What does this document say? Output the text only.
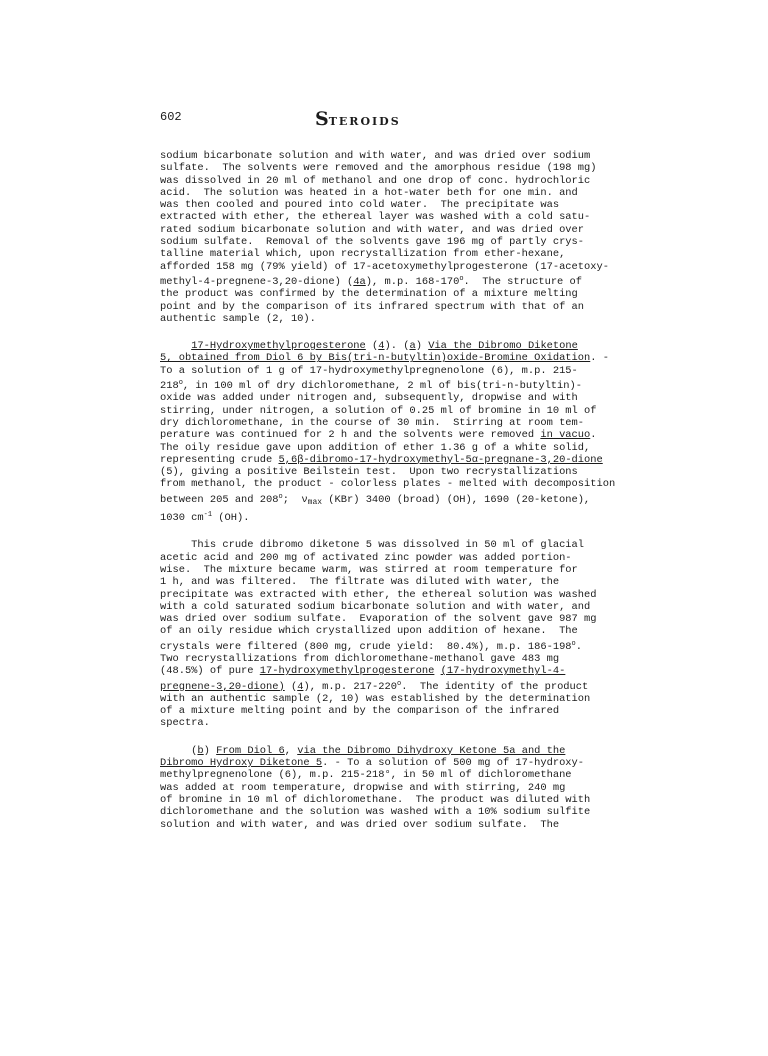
602	STEROIDS
sodium bicarbonate solution and with water, and was dried over sodium
sulfate.  The solvents were removed and the amorphous residue (198 mg)
was dissolved in 20 ml of methanol and one drop of conc. hydrochloric
acid.  The solution was heated in a hot-water beth for one min. and
was then cooled and poured into cold water.  The precipitate was
extracted with ether, the ethereal layer was washed with a cold satu-
rated sodium bicarbonate solution and with water, and was dried over
sodium sulfate.  Removal of the solvents gave 196 mg of partly crys-
talline material which, upon recrystallization from ether-hexane,
afforded 158 mg (79% yield) of 17-acetoxymethylprogesterone (17-acetoxy-
methyl-4-pregnene-3,20-dione) (4a), m.p. 168-170$^o$.  The structure of
the product was confirmed by the determination of a mixture melting
point and by the comparison of its infrared spectrum with that of an
authentic sample (2, 10).
17-Hydroxymethylprogesterone (4). (a) Via the Dibromo Diketone
5, obtained from Diol 6 by Bis(tri-n-butyltin)oxide-Bromine Oxidation. -
To a solution of 1 g of 17-hydroxymethylpregnenolone (6), m.p. 215-
218$^o$, in 100 ml of dry dichloromethane, 2 ml of bis(tri-n-butyltin)-
oxide was added under nitrogen and, subsequently, dropwise and with
stirring, under nitrogen, a solution of 0.25 ml of bromine in 10 ml of
dry dichloromethane, in the course of 30 min.  Stirring at room tem-
perature was continued for 2 h and the solvents were removed in vacuo.
The oily residue gave upon addition of ether 1.36 g of a white solid,
representing crude 5,6β-dibromo-17-hydroxymethyl-5α-pregnane-3,20-dione
(5), giving a positive Beilstein test.  Upon two recrystallizations
from methanol, the product - colorless plates - melted with decomposition
between 205 and 208$^o$;  $\nu_{max}$ (KBr) 3400 (broad) (OH), 1690 (20-ketone),
1030 $cm^{-1}$ (OH).
This crude dibromo diketone 5 was dissolved in 50 ml of glacial
acetic acid and 200 mg of activated zinc powder was added portion-
wise.  The mixture became warm, was stirred at room temperature for
1 h, and was filtered.  The filtrate was diluted with water, the
precipitate was extracted with ether, the ethereal solution was washed
with a cold saturated sodium bicarbonate solution and with water, and
was dried over sodium sulfate.  Evaporation of the solvent gave 987 mg
of an oily residue which crystallized upon addition of hexane.  The
crystals were filtered (800 mg, crude yield:  80.4%), m.p. 186-198$^o$.
Two recrystallizations from dichloromethane-methanol gave 483 mg
(48.5%) of pure 17-hydroxymethylprogesterone (17-hydroxymethyl-4-
pregnene-3,20-dione) (4), m.p. 217-220$^o$.  The identity of the product
with an authentic sample (2, 10) was established by the determination
of a mixture melting point and by the comparison of the infrared
spectra.
(b) From Diol 6, via the Dibromo Dihydroxy Ketone 5a and the
Dibromo Hydroxy Diketone 5. - To a solution of 500 mg of 17-hydroxy-
methylpregnenolone (6), m.p. 215-218°, in 50 ml of dichloromethane
was added at room temperature, dropwise and with stirring, 240 mg
of bromine in 10 ml of dichloromethane.  The product was diluted with
dichloromethane and the solution was washed with a 10% sodium sulfite
solution and with water, and was dried over sodium sulfate.  The
